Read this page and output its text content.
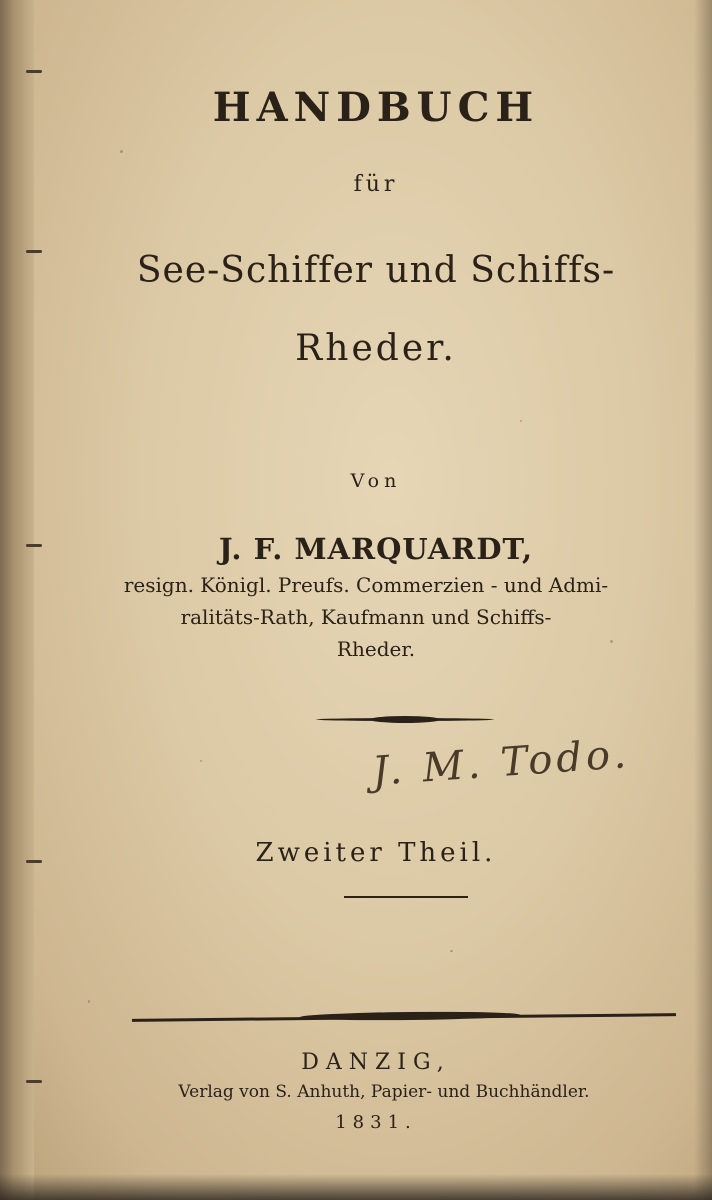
HANDBUCH
für
See-Schiffer und Schiffs-
Rheder.
Von
J. F. MARQUARDT,
resign. Königl. Preufs. Commerzien - und Admi-
ralitäts-Rath, Kaufmann und Schiffs-
Rheder.
J. M. Todo.
Zweiter Theil.
DANZIG,
Verlag von S. Anhuth, Papier- und Buchhändler.
1831.
